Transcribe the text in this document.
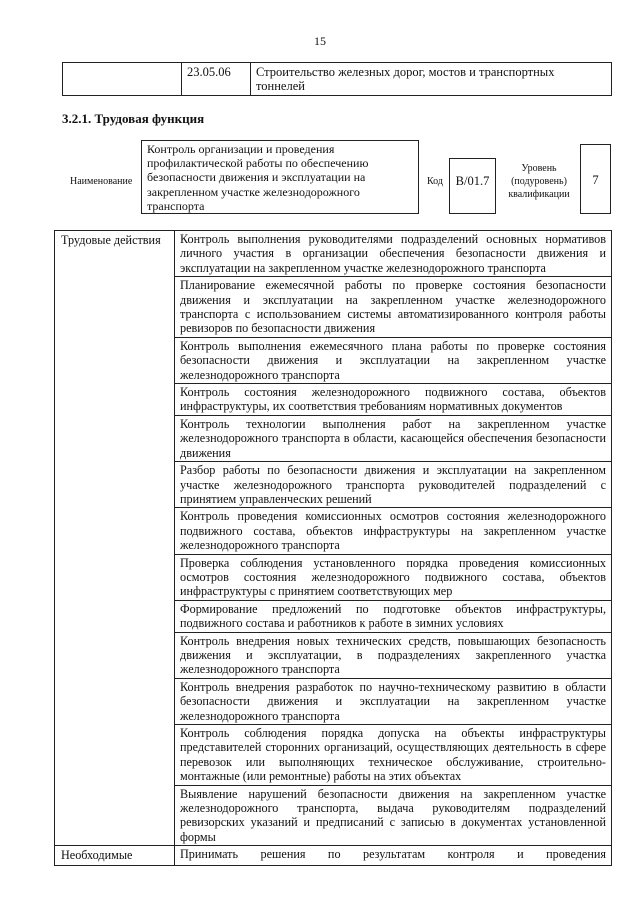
15
	23.05.06	Строительство железных дорог, мостов и транспортных тоннелей
3.2.1. Трудовая функция
Наименование
Контроль организации и проведения профилактической работы по обеспечению безопасности движения и эксплуатации на закрепленном участке железнодорожного транспорта
Код	B/01.7
Уровень (подуровень) квалификации
7
Трудовые действия	Контроль выполнения руководителями подразделений основных нормативов личного участия в организации обеспечения безопасности движения и эксплуатации на закрепленном участке железнодорожного транспорта
	Планирование ежемесячной работы по проверке состояния безопасности движения и эксплуатации на закрепленном участке железнодорожного транспорта с использованием системы автоматизированного контроля работы ревизоров по безопасности движения
	Контроль выполнения ежемесячного плана работы по проверке состояния безопасности движения и эксплуатации на закрепленном участке железнодорожного транспорта
	Контроль состояния железнодорожного подвижного состава, объектов инфраструктуры, их соответствия требованиям нормативных документов
	Контроль технологии выполнения работ на закрепленном участке железнодорожного транспорта в области, касающейся обеспечения безопасности движения
	Разбор работы по безопасности движения и эксплуатации на закрепленном участке железнодорожного транспорта руководителей подразделений с принятием управленческих решений
	Контроль проведения комиссионных осмотров состояния железнодорожного подвижного состава, объектов инфраструктуры на закрепленном участке железнодорожного транспорта
	Проверка соблюдения установленного порядка проведения комиссионных осмотров состояния железнодорожного подвижного состава, объектов инфраструктуры с принятием соответствующих мер
	Формирование предложений по подготовке объектов инфраструктуры, подвижного состава и работников к работе в зимних условиях
	Контроль внедрения новых технических средств, повышающих безопасность движения и эксплуатации, в подразделениях закрепленного участка железнодорожного транспорта
	Контроль внедрения разработок по научно-техническому развитию в области безопасности движения и эксплуатации на закрепленном участке железнодорожного транспорта
	Контроль соблюдения порядка допуска на объекты инфраструктуры представителей сторонних организаций, осуществляющих деятельность в сфере перевозок или выполняющих техническое обслуживание, строительно-монтажные (или ремонтные) работы на этих объектах
	Выявление нарушений безопасности движения на закрепленном участке железнодорожного транспорта, выдача руководителям подразделений ревизорских указаний и предписаний с записью в документах установленной формы
Необходимые	Принимать решения по результатам контроля и проведения
